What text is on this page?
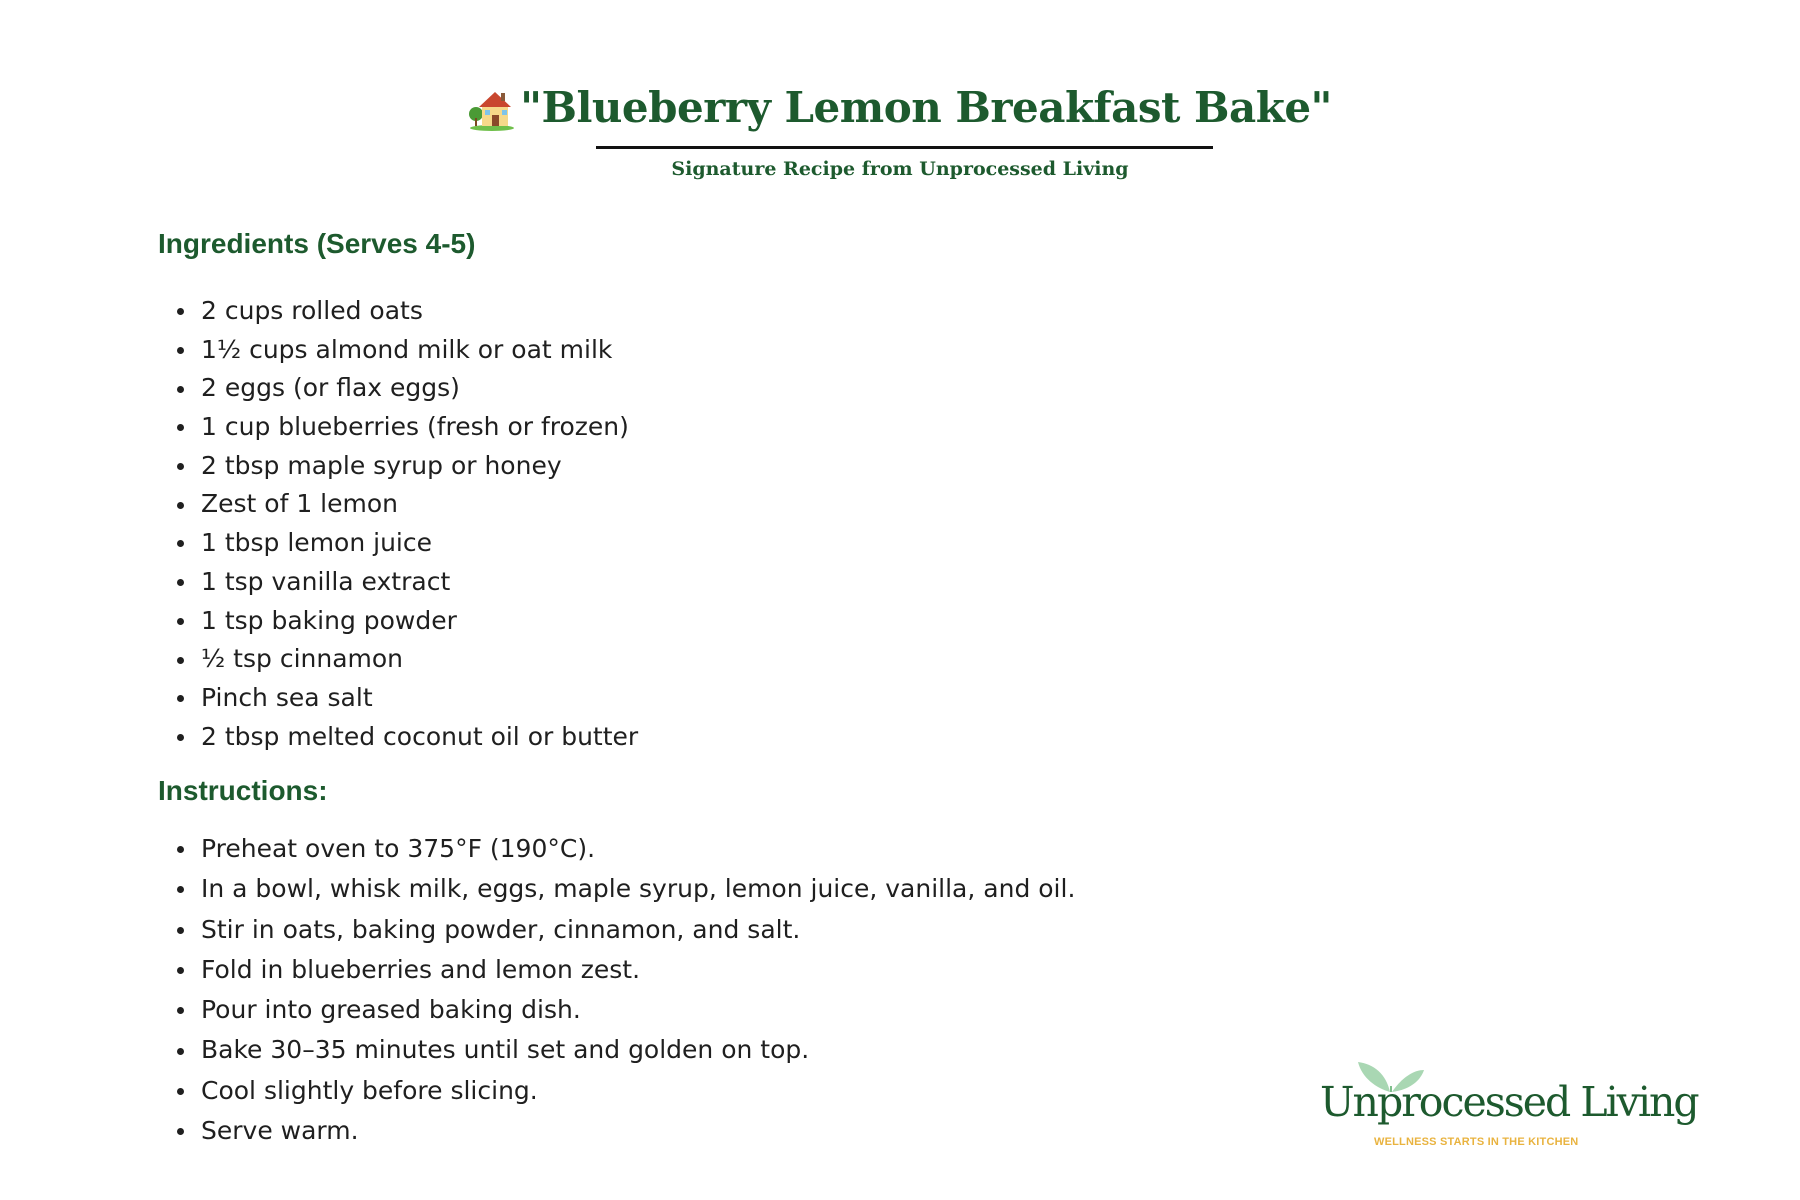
"Blueberry Lemon Breakfast Bake"
Signature Recipe from Unprocessed Living
Ingredients (Serves 4-5)
2 cups rolled oats
1½ cups almond milk or oat milk
2 eggs (or flax eggs)
1 cup blueberries (fresh or frozen)
2 tbsp maple syrup or honey
Zest of 1 lemon
1 tbsp lemon juice
1 tsp vanilla extract
1 tsp baking powder
½ tsp cinnamon
Pinch sea salt
2 tbsp melted coconut oil or butter
Instructions:
Preheat oven to 375°F (190°C).
In a bowl, whisk milk, eggs, maple syrup, lemon juice, vanilla, and oil.
Stir in oats, baking powder, cinnamon, and salt.
Fold in blueberries and lemon zest.
Pour into greased baking dish.
Bake 30–35 minutes until set and golden on top.
Cool slightly before slicing.
Serve warm.
Unprocessed Living
WELLNESS STARTS IN THE KITCHEN
